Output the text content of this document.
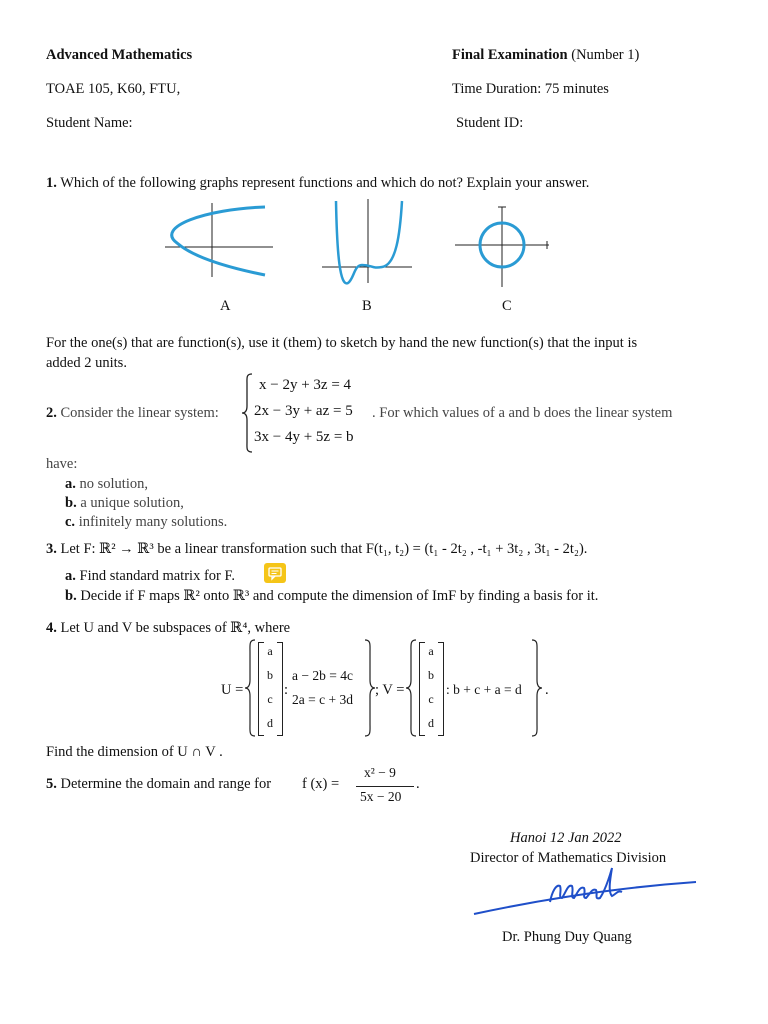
Advanced Mathematics	Final Examination (Number 1)
TOAE 105, K60, FTU,	Time Duration: 75 minutes
Student Name:	Student ID:
1. Which of the following graphs represent functions and which do not? Explain your answer.
A	B	C
For the one(s) that are function(s), use it (them) to sketch by hand the new function(s) that the input is
added 2 units.
2. Consider the linear system:
x − 2y + 3z = 4
2x − 3y + az = 5
3x − 4y + 5z = b
. For which values of a and b does the linear system
have:
a. no solution,
b. a unique solution,
c. infinitely many solutions.
3. Let F: ℝ² → ℝ³ be a linear transformation such that F(t₁, t₂) = (t₁ - 2t₂ , -t₁ + 3t₂ , 3t₁ - 2t₂).
a. Find standard matrix for F.
b. Decide if F maps ℝ² onto ℝ³ and compute the dimension of ImF by finding a basis for it.
4. Let U and V be subspaces of ℝ⁴, where
U =
a
b
c
d
:
a − 2b = 4c
2a = c + 3d
; V =
a
b
c
d
: b + c + a = d .
Find the dimension of U ∩ V .
5. Determine the domain and range for f (x) =
x² − 9
5x − 20
.
Hanoi 12 Jan 2022
Director of Mathematics Division
Dr. Phung Duy Quang
